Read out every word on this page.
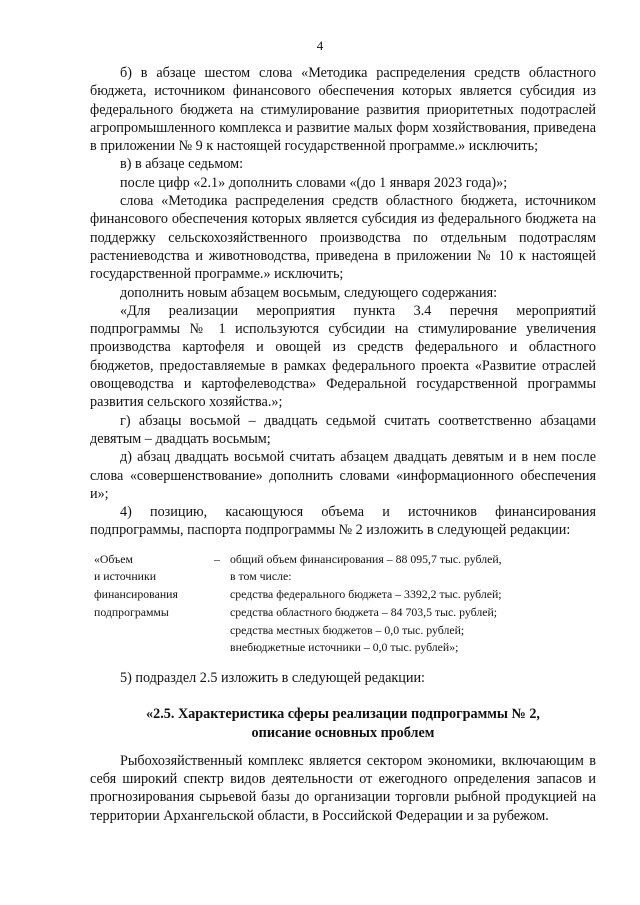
4

б) в абзаце шестом слова «Методика распределения средств областного бюджета, источником финансового обеспечения которых является субсидия из федерального бюджета на стимулирование развития приоритетных подотраслей агропромышленного комплекса и развитие малых форм хозяйствования, приведена в приложении № 9 к настоящей государственной программе.» исключить;

в) в абзаце седьмом:

после цифр «2.1» дополнить словами «(до 1 января 2023 года)»;

слова «Методика распределения средств областного бюджета, источником финансового обеспечения которых является субсидия из федерального бюджета на поддержку сельскохозяйственного производства по отдельным подотраслям растениеводства и животноводства, приведена в приложении № 10 к настоящей государственной программе.» исключить;

дополнить новым абзацем восьмым, следующего содержания:

«Для реализации мероприятия пункта 3.4 перечня мероприятий подпрограммы № 1 используются субсидии на стимулирование увеличения производства картофеля и овощей из средств федерального и областного бюджетов, предоставляемые в рамках федерального проекта «Развитие отраслей овощеводства и картофелеводства» Федеральной государственной программы развития сельского хозяйства.»;

г) абзацы восьмой – двадцать седьмой считать соответственно абзацами девятым – двадцать восьмым;

д) абзац двадцать восьмой считать абзацем двадцать девятым и в нем после слова «совершенствование» дополнить словами «информационного обеспечения и»;

4) позицию, касающуюся объема и источников финансирования подпрограммы, паспорта подпрограммы № 2 изложить в следующей редакции:

«Объем
и источники
финансирования
подпрограммы
– общий объем финансирования – 88 095,7 тыс. рублей,
в том числе:
средства федерального бюджета – 3392,2 тыс. рублей;
средства областного бюджета – 84 703,5 тыс. рублей;
средства местных бюджетов – 0,0 тыс. рублей;
внебюджетные источники – 0,0 тыс. рублей»;

5) подраздел 2.5 изложить в следующей редакции:

«2.5. Характеристика сферы реализации подпрограммы № 2,
описание основных проблем

Рыбохозяйственный комплекс является сектором экономики, включающим в себя широкий спектр видов деятельности от ежегодного определения запасов и прогнозирования сырьевой базы до организации торговли рыбной продукцией на территории Архангельской области, в Российской Федерации и за рубежом.
